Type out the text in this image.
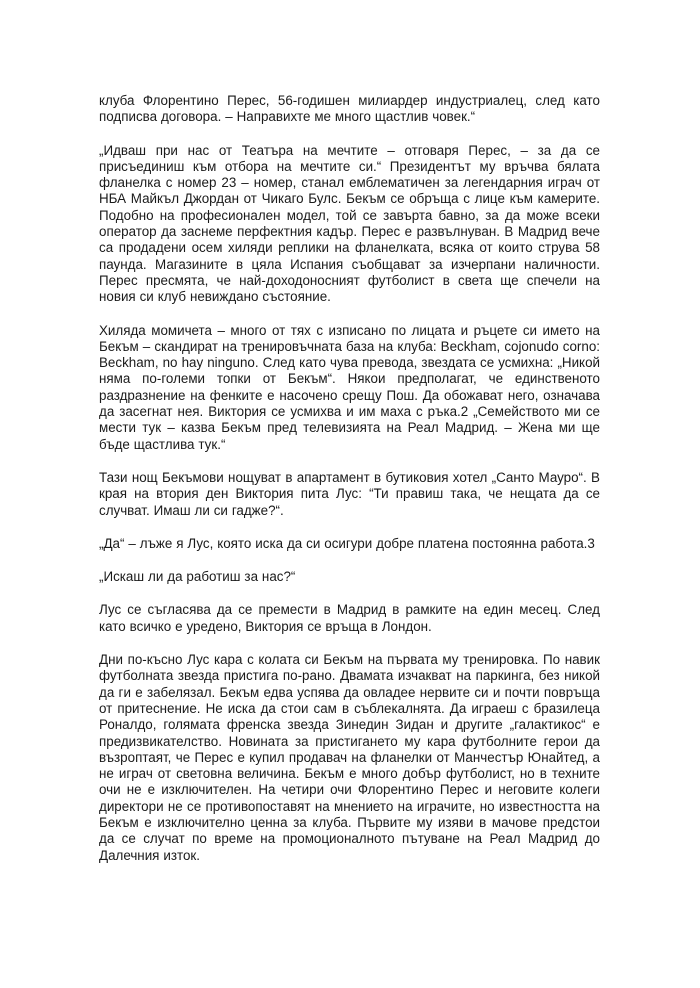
клуба Флорентино Перес, 56-годишен милиардер индустриалец, след като подписва договора. – Направихте ме много щастлив човек.“

„Идваш при нас от Театъра на мечтите – отговаря Перес, – за да се присъединиш към отбора на мечтите си.“ Президентът му връчва бялата фланелка с номер 23 – номер, станал емблематичен за легендарния играч от НБА Майкъл Джордан от Чикаго Булс. Бекъм се обръща с лице към камерите. Подобно на професионален модел, той се завърта бавно, за да може всеки оператор да заснеме перфектния кадър. Перес е развълнуван. В Мадрид вече са продадени осем хиляди реплики на фланелката, всяка от които струва 58 паунда. Магазините в цяла Испания съобщават за изчерпани наличности. Перес пресмята, че най-доходоносният футболист в света ще спечели на новия си клуб невиждано състояние.

Хиляда момичета – много от тях с изписано по лицата и ръцете си името на Бекъм – скандират на тренировъчната база на клуба: Beckham, cojonudo corno: Beckham, no hay ninguno. След като чува превода, звездата се усмихна: „Никой няма по-големи топки от Бекъм“. Някои предполагат, че единственото раздразнение на фенките е насочено срещу Пош. Да обожават него, означава да засегнат нея. Виктория се усмихва и им маха с ръка.2 „Семейството ми се мести тук – казва Бекъм пред телевизията на Реал Мадрид. – Жена ми ще бъде щастлива тук.“

Тази нощ Бекъмови нощуват в апартамент в бутиковия хотел „Санто Мауро“. В края на втория ден Виктория пита Лус: “Ти правиш така, че нещата да се случват. Имаш ли си гадже?“.

„Да“ – лъже я Лус, която иска да си осигури добре платена постоянна работа.3

„Искаш ли да работиш за нас?“

Лус се съгласява да се премести в Мадрид в рамките на един месец. След като всичко е уредено, Виктория се връща в Лондон.

Дни по-късно Лус кара с колата си Бекъм на първата му тренировка. По навик футболната звезда пристига по-рано. Двамата изчакват на паркинга, без никой да ги е забелязал. Бекъм едва успява да овладее нервите си и почти повръща от притеснение. Не иска да стои сам в съблекалнята. Да играеш с бразилеца Роналдо, голямата френска звезда Зинедин Зидан и другите „галактикос“ е предизвикателство. Новината за пристигането му кара футболните герои да възроптаят, че Перес е купил продавач на фланелки от Манчестър Юнайтед, а не играч от световна величина. Бекъм е много добър футболист, но в техните очи не е изключителен. На четири очи Флорентино Перес и неговите колеги директори не се противопоставят на мнението на играчите, но известността на Бекъм е изключително ценна за клуба. Първите му изяви в мачове предстои да се случат по време на промоционалното пътуване на Реал Мадрид до Далечния изток.
